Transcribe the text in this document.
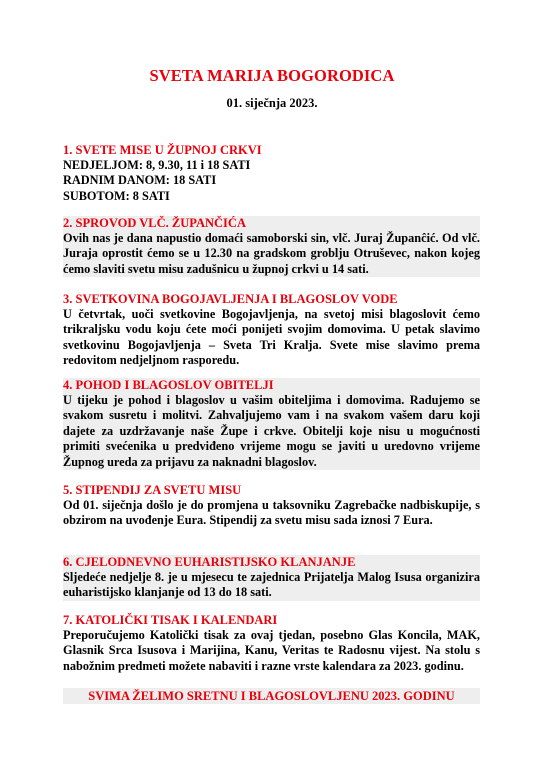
SVETA MARIJA BOGORODICA
01. siječnja 2023.
1. SVETE MISE U ŽUPNOJ CRKVI
NEDJELJOM: 8, 9.30, 11 i 18 SATI
RADNIM DANOM: 18 SATI
SUBOTOM: 8 SATI
2. SPROVOD VLČ. ŽUPANČIĆA
Ovih nas je dana napustio domaći samoborski sin, vlč. Juraj Županĉić. Od vlč. Juraja oprostit ćemo se u 12.30 na gradskom groblju Otruševec, nakon kojeg ćemo slaviti svetu misu zadušnicu u župnoj crkvi u 14 sati.
3. SVETKOVINA BOGOJAVLJENJA I BLAGOSLOV VODE
U četvrtak, uoči svetkovine Bogojavljenja, na svetoj misi blagoslovit ćemo trikraljsku vodu koju ćete moći ponijeti svojim domovima. U petak slavimo svetkovinu Bogojavljenja – Sveta Tri Kralja. Svete mise slavimo prema redovitom nedjeljnom rasporedu.
4. POHOD I BLAGOSLOV OBITELJI
U tijeku je pohod i blagoslov u vašim obiteljima i domovima. Radujemo se svakom susretu i molitvi. Zahvaljujemo vam i na svakom vašem daru koji dajete za uzdržavanje naše Župe i crkve. Obitelji koje nisu u mogućnosti primiti svećenika u predviđeno vrijeme mogu se javiti u uredovno vrijeme Župnog ureda za prijavu za naknadni blagoslov.
5. STIPENDIJ ZA SVETU MISU
Od 01. siječnja došlo je do promjena u taksovniku Zagrebačke nadbiskupije, s obzirom na uvođenje Eura. Stipendij za svetu misu sada iznosi 7 Eura.
6. CJELODNEVNO EUHARISTIJSKO KLANJANJE
Sljedeće nedjelje 8. je u mjesecu te zajednica Prijatelja Malog Isusa organizira euharistijsko klanjanje od 13 do 18 sati.
7. KATOLIČKI TISAK I KALENDARI
Preporučujemo Katolički tisak za ovaj tjedan, posebno Glas Koncila, MAK, Glasnik Srca Isusova i Marijina, Kanu, Veritas te Radosnu vijest. Na stolu s nabožnim predmeti možete nabaviti i razne vrste kalendara za 2023. godinu.
SVIMA ŽELIMO SRETNU I BLAGOSLOVLJENU 2023. GODINU
